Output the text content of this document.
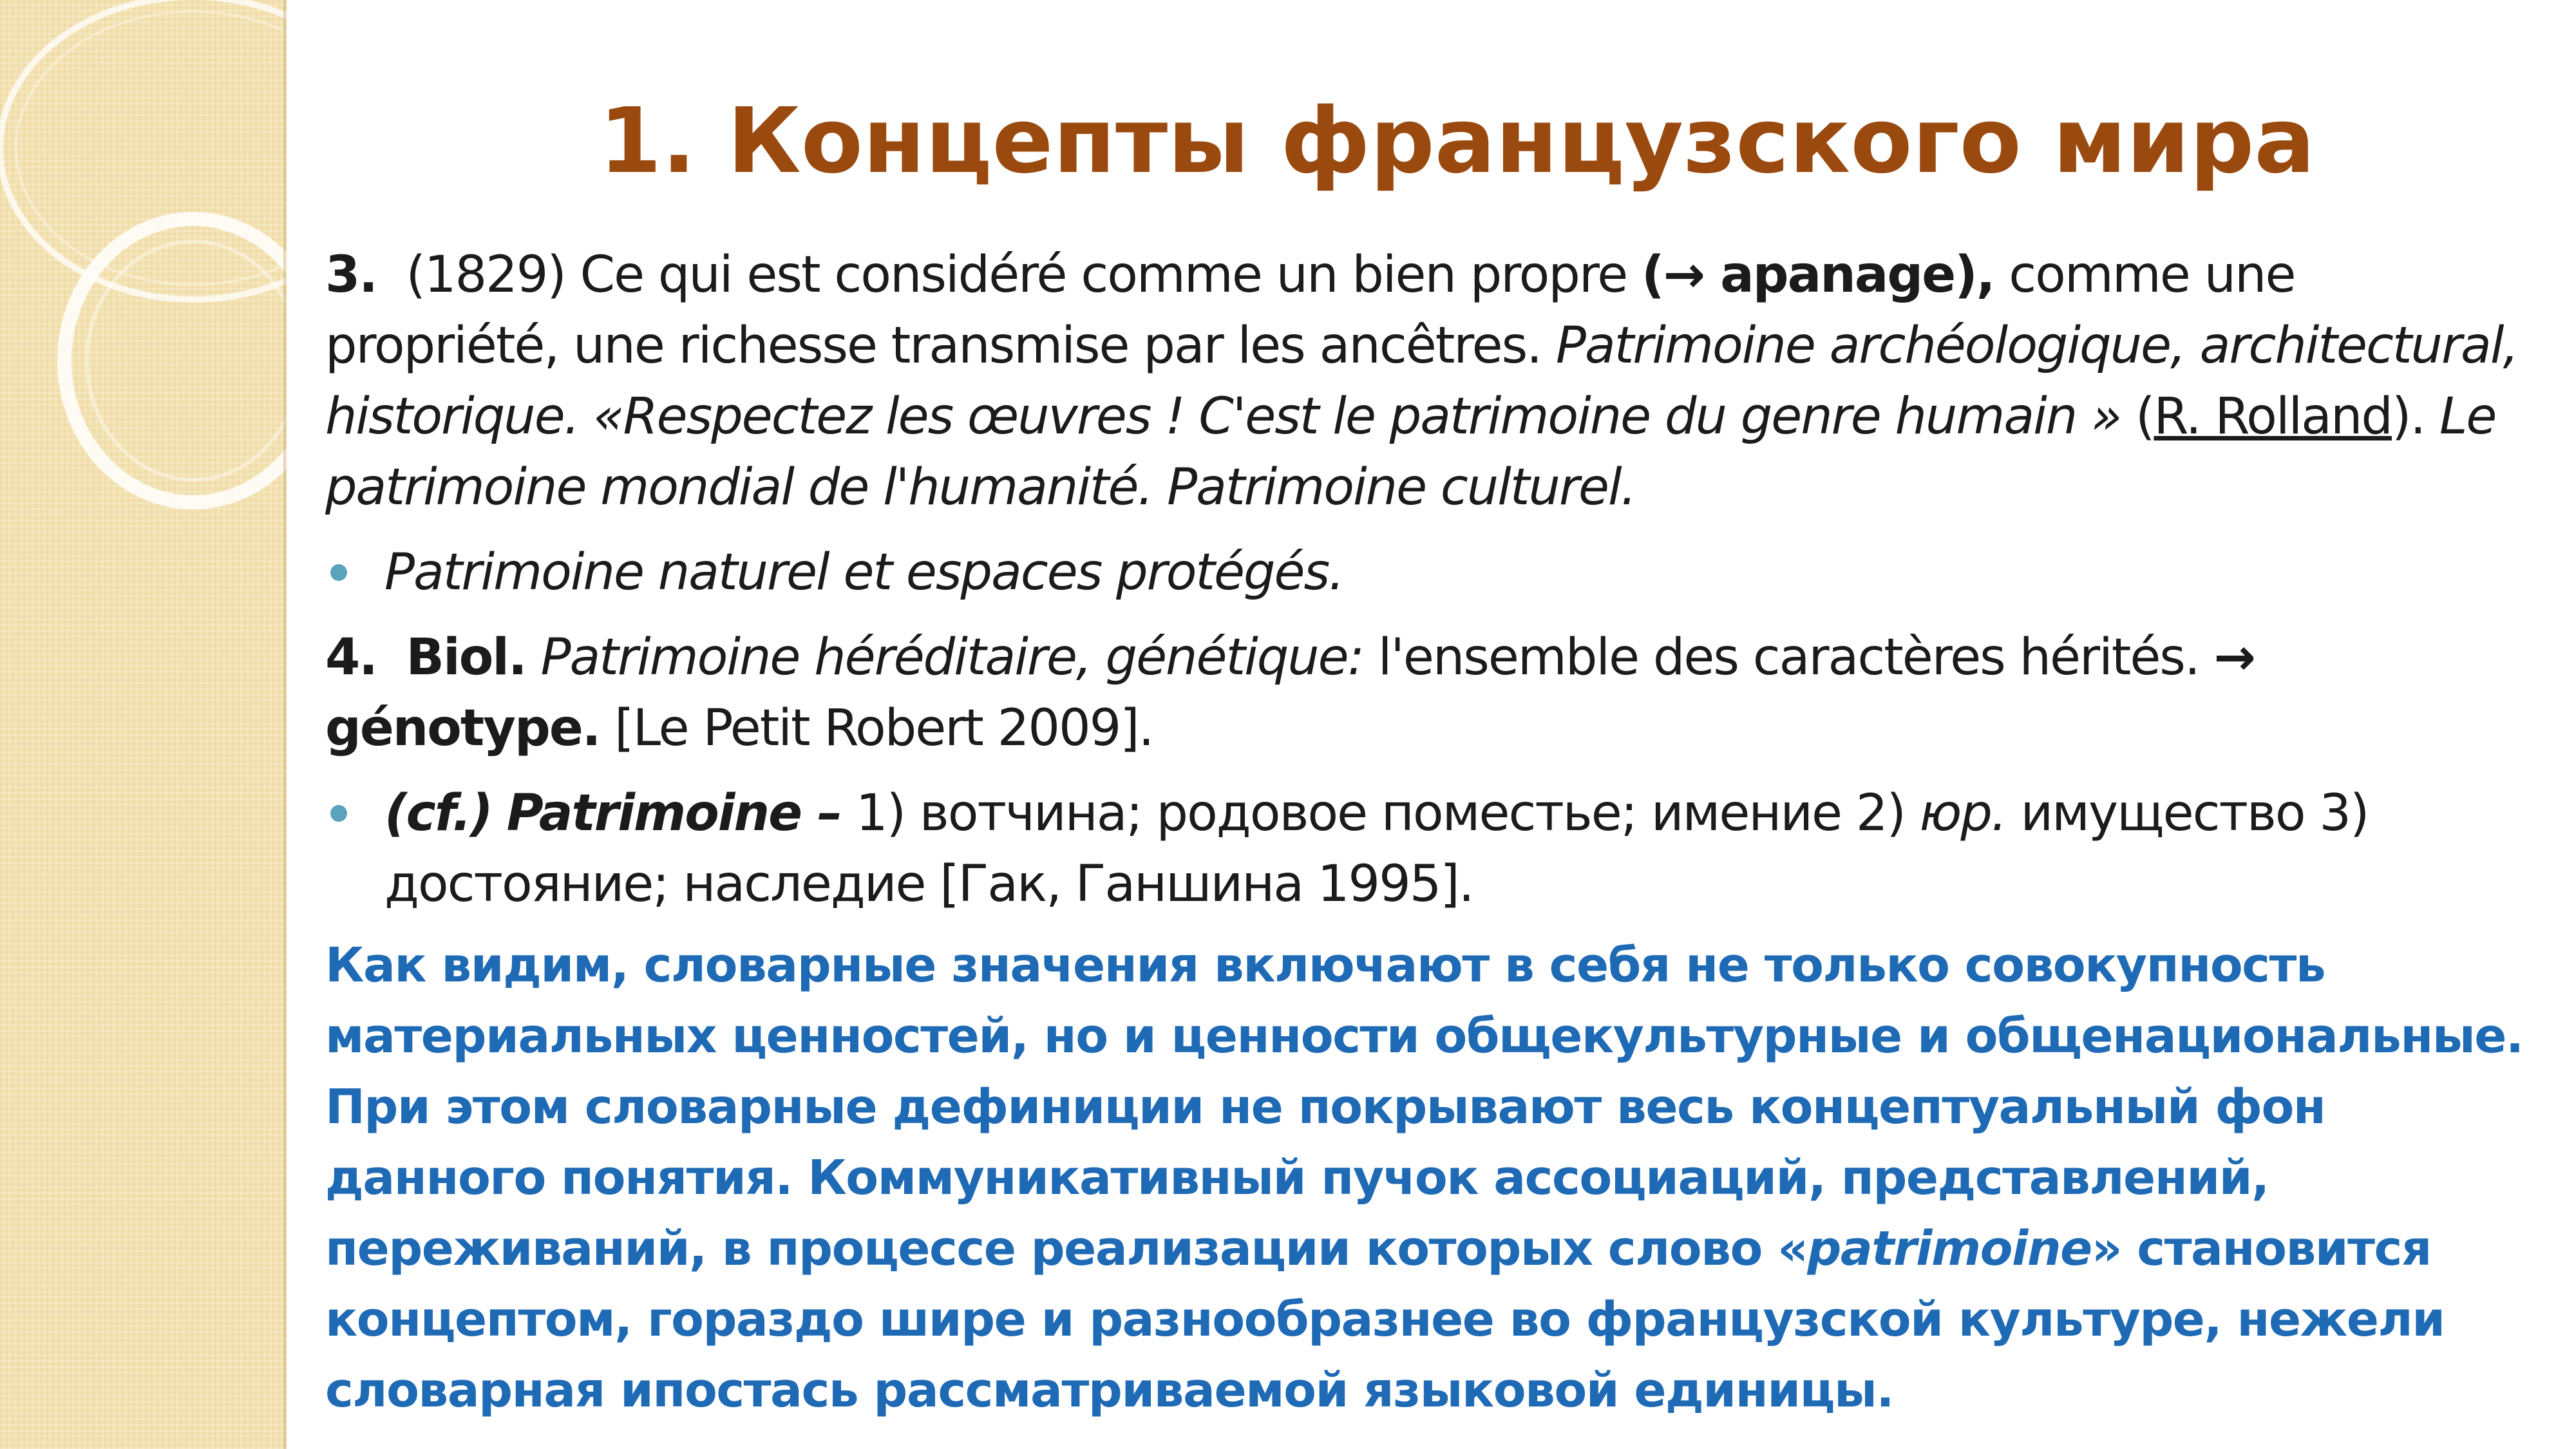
1. Концепты французского мира

3. (1829) Ce qui est considéré comme un bien propre (→ apanage), comme une propriété, une richesse transmise par les ancêtres. Patrimoine archéologique, architectural, historique. «Respectez les œuvres ! C'est le patrimoine du genre humain » (R. Rolland). Le patrimoine mondial de l'humanité. Patrimoine culturel.

Patrimoine naturel et espaces protégés.

4. Biol. Patrimoine héréditaire, génétique: l'ensemble des caractères hérités. → génotype. [Le Petit Robert 2009].

(cf.) Patrimoine – 1) вотчина; родовое поместье; имение 2) юр. имущество 3) достояние; наследие [Гак, Ганшина 1995].
Как видим, словарные значения включают в себя не только совокупность материальных ценностей, но и ценности общекультурные и общенациональные. При этом словарные дефиниции не покрывают весь концептуальный фон данного понятия. Коммуникативный пучок ассоциаций, представлений, переживаний, в процессе реализации которых слово «patrimoine» становится концептом, гораздо шире и разнообразнее во французской культуре, нежели словарная ипостась рассматриваемой языковой единицы.
